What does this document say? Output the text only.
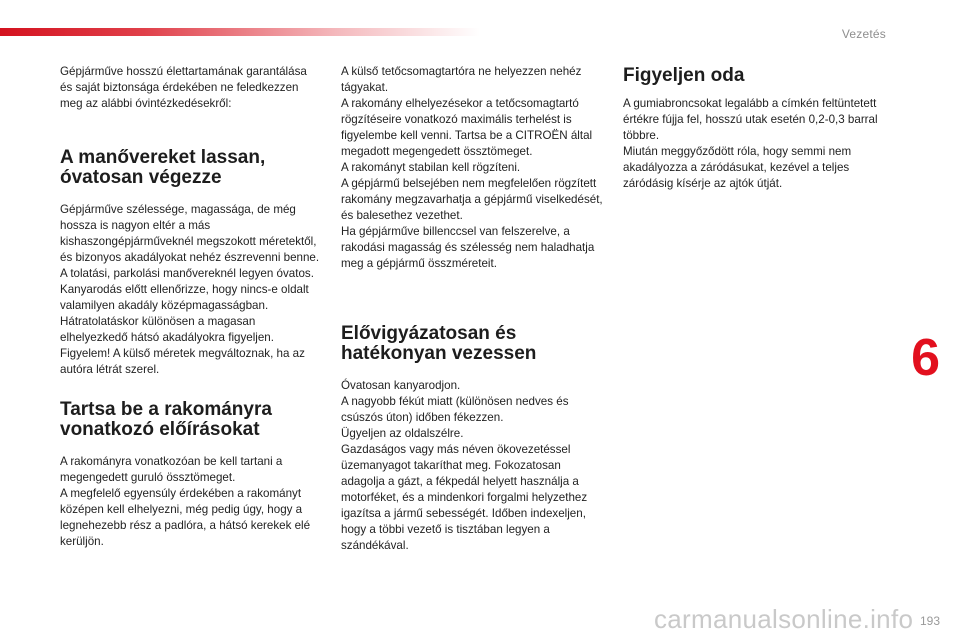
Vezetés

Gépjárműve hosszú élettartamának garantálása és saját biztonsága érdekében ne feledkezzen meg az alábbi óvintézkedésekről:

A manővereket lassan, óvatosan végezze

Gépjárműve szélessége, magassága, de még hossza is nagyon eltér a más kishaszongépjárműveknél megszokott méretektől, és bizonyos akadályokat nehéz észrevenni benne.
A tolatási, parkolási manővereknél legyen óvatos.
Kanyarodás előtt ellenőrizze, hogy nincs-e oldalt valamilyen akadály középmagasságban.
Hátratolatáskor különösen a magasan elhelyezkedő hátsó akadályokra figyeljen.
Figyelem! A külső méretek megváltoznak, ha az autóra létrát szerel.

Tartsa be a rakományra vonatkozó előírásokat

A rakományra vonatkozóan be kell tartani a megengedett guruló össztömeget.
A megfelelő egyensúly érdekében a rakományt középen kell elhelyezni, még pedig úgy, hogy a legnehezebb rész a padlóra, a hátsó kerekek elé kerüljön.

A külső tetőcsomagtartóra ne helyezzen nehéz tágyakat.
A rakomány elhelyezésekor a tetőcsomagtartó rögzítéseire vonatkozó maximális terhelést is figyelembe kell venni. Tartsa be a CITROËN által megadott megengedett össztömeget.
A rakományt stabilan kell rögzíteni.
A gépjármű belsejében nem megfelelően rögzített rakomány megzavarhatja a gépjármű viselkedését, és balesethez vezethet.
Ha gépjárműve billenccsel van felszerelve, a rakodási magasság és szélesség nem haladhatja meg a gépjármű összméreteit.

Elővigyázatosan és hatékonyan vezessen

Óvatosan kanyarodjon.
A nagyobb fékút miatt (különösen nedves és csúszós úton) időben fékezzen.
Ügyeljen az oldalszélre.
Gazdaságos vagy más néven ökovezetéssel üzemanyagot takaríthat meg. Fokozatosan adagolja a gázt, a fékpedál helyett használja a motorféket, és a mindenkori forgalmi helyzethez igazítsa a jármű sebességét. Időben indexeljen, hogy a többi vezető is tisztában legyen a szándékával.

Figyeljen oda

A gumiabroncsokat legalább a címkén feltüntetett értékre fújja fel, hosszú utak esetén 0,2-0,3 barral többre.
Miután meggyőződött róla, hogy semmi nem akadályozza a záródásukat, kezével a teljes záródásig kísérje az ajtók útját.

6
carmanualsonline.info 193
